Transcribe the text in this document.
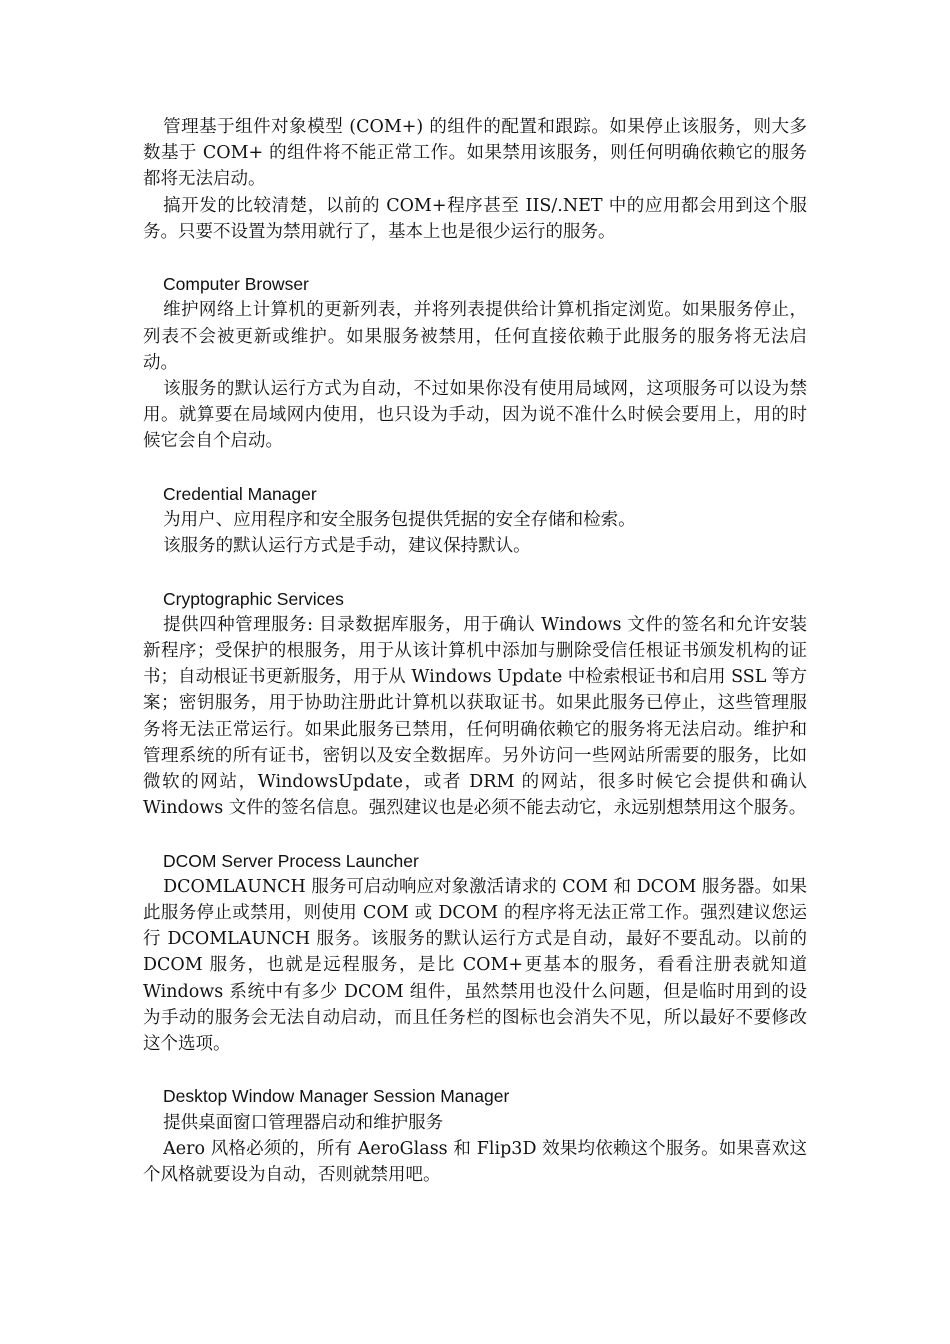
管理基于组件对象模型 (COM+) 的组件的配置和跟踪。如果停止该服务，则大多数基于 COM+ 的组件将不能正常工作。如果禁用该服务，则任何明确依赖它的服务都将无法启动。

搞开发的比较清楚，以前的 COM+程序甚至 IIS/.NET 中的应用都会用到这个服务。只要不设置为禁用就行了，基本上也是很少运行的服务。

Computer Browser

维护网络上计算机的更新列表，并将列表提供给计算机指定浏览。如果服务停止，列表不会被更新或维护。如果服务被禁用，任何直接依赖于此服务的服务将无法启动。

该服务的默认运行方式为自动，不过如果你没有使用局域网，这项服务可以设为禁用。就算要在局域网内使用，也只设为手动，因为说不准什么时候会要用上，用的时候它会自个启动。

Credential Manager

为用户、应用程序和安全服务包提供凭据的安全存储和检索。

该服务的默认运行方式是手动，建议保持默认。

Cryptographic Services

提供四种管理服务: 目录数据库服务，用于确认 Windows 文件的签名和允许安装新程序；受保护的根服务，用于从该计算机中添加与删除受信任根证书颁发机构的证书；自动根证书更新服务，用于从 Windows Update 中检索根证书和启用 SSL 等方案；密钥服务，用于协助注册此计算机以获取证书。如果此服务已停止，这些管理服务将无法正常运行。如果此服务已禁用，任何明确依赖它的服务将无法启动。维护和管理系统的所有证书，密钥以及安全数据库。另外访问一些网站所需要的服务，比如微软的网站，WindowsUpdate，或者 DRM 的网站，很多时候它会提供和确认 Windows 文件的签名信息。强烈建议也是必须不能去动它，永远别想禁用这个服务。

DCOM Server Process Launcher

DCOMLAUNCH 服务可启动响应对象激活请求的 COM 和 DCOM 服务器。如果此服务停止或禁用，则使用 COM 或 DCOM 的程序将无法正常工作。强烈建议您运行 DCOMLAUNCH 服务。该服务的默认运行方式是自动，最好不要乱动。以前的 DCOM 服务，也就是远程服务，是比 COM+更基本的服务，看看注册表就知道 Windows 系统中有多少 DCOM 组件，虽然禁用也没什么问题，但是临时用到的设为手动的服务会无法自动启动，而且任务栏的图标也会消失不见，所以最好不要修改这个选项。

Desktop Window Manager Session Manager

提供桌面窗口管理器启动和维护服务

Aero 风格必须的，所有 AeroGlass 和 Flip3D 效果均依赖这个服务。如果喜欢这个风格就要设为自动，否则就禁用吧。
